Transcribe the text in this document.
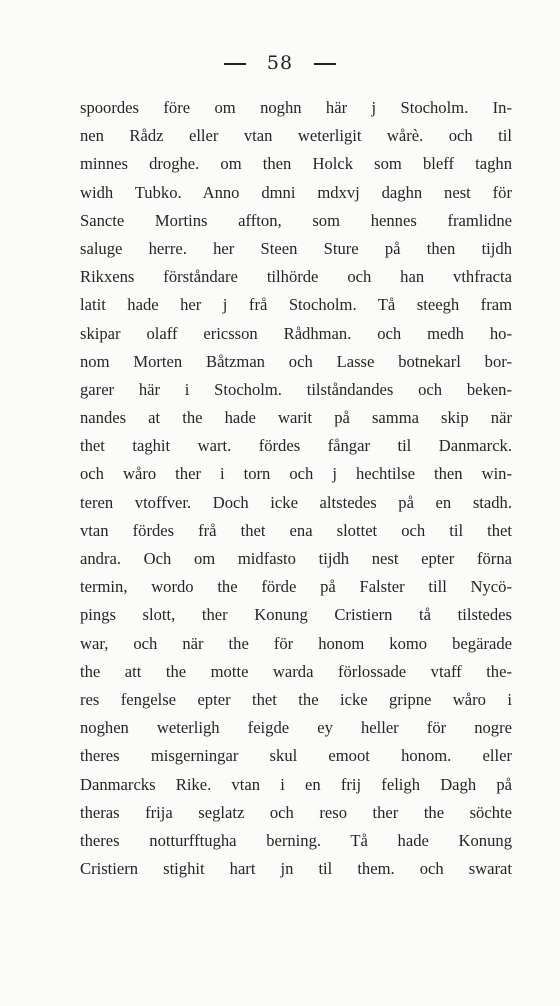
58
spoordes före om noghn här j Stocholm. In-
nen Rådz eller vtan weterligit wårè. och til
minnes droghe. om then Holck som bleff taghn
widh Tubko. Anno dmni mdxvj daghn nest för
Sancte Mortins affton, som hennes framlidne
saluge herre. her Steen Sture på then tijdh
Rikxens förståndare tilhörde och han vthfracta
latit hade her j frå Stocholm. Tå steegh fram
skipar olaff ericsson Rådhman. och medh ho-
nom Morten Båtzman och Lasse botnekarl bor-
garer här i Stocholm. tilståndandes och beken-
nandes at the hade warit på samma skip när
thet taghit wart. fördes fångar til Danmarck.
och wåro ther i torn och j hechtilse then win-
teren vtoffver. Doch icke altstedes på en stadh.
vtan fördes frå thet ena slottet och til thet
andra. Och om midfasto tijdh nest epter förna
termin, wordo the förde på Falster till Nycö-
pings slott, ther Konung Cristiern tå tilstedes
war, och när the för honom komo begärade
the att the motte warda förlossade vtaff the-
res fengelse epter thet the icke gripne wåro i
noghen weterligh feigde ey heller för nogre
theres misgerningar skul emoot honom. eller
Danmarcks Rike. vtan i en frij feligh Dagh på
theras frija seglatz och reso ther the söchte
theres notturfftugha berning. Tå hade Konung
Cristiern stighit hart jn til them. och swarat
